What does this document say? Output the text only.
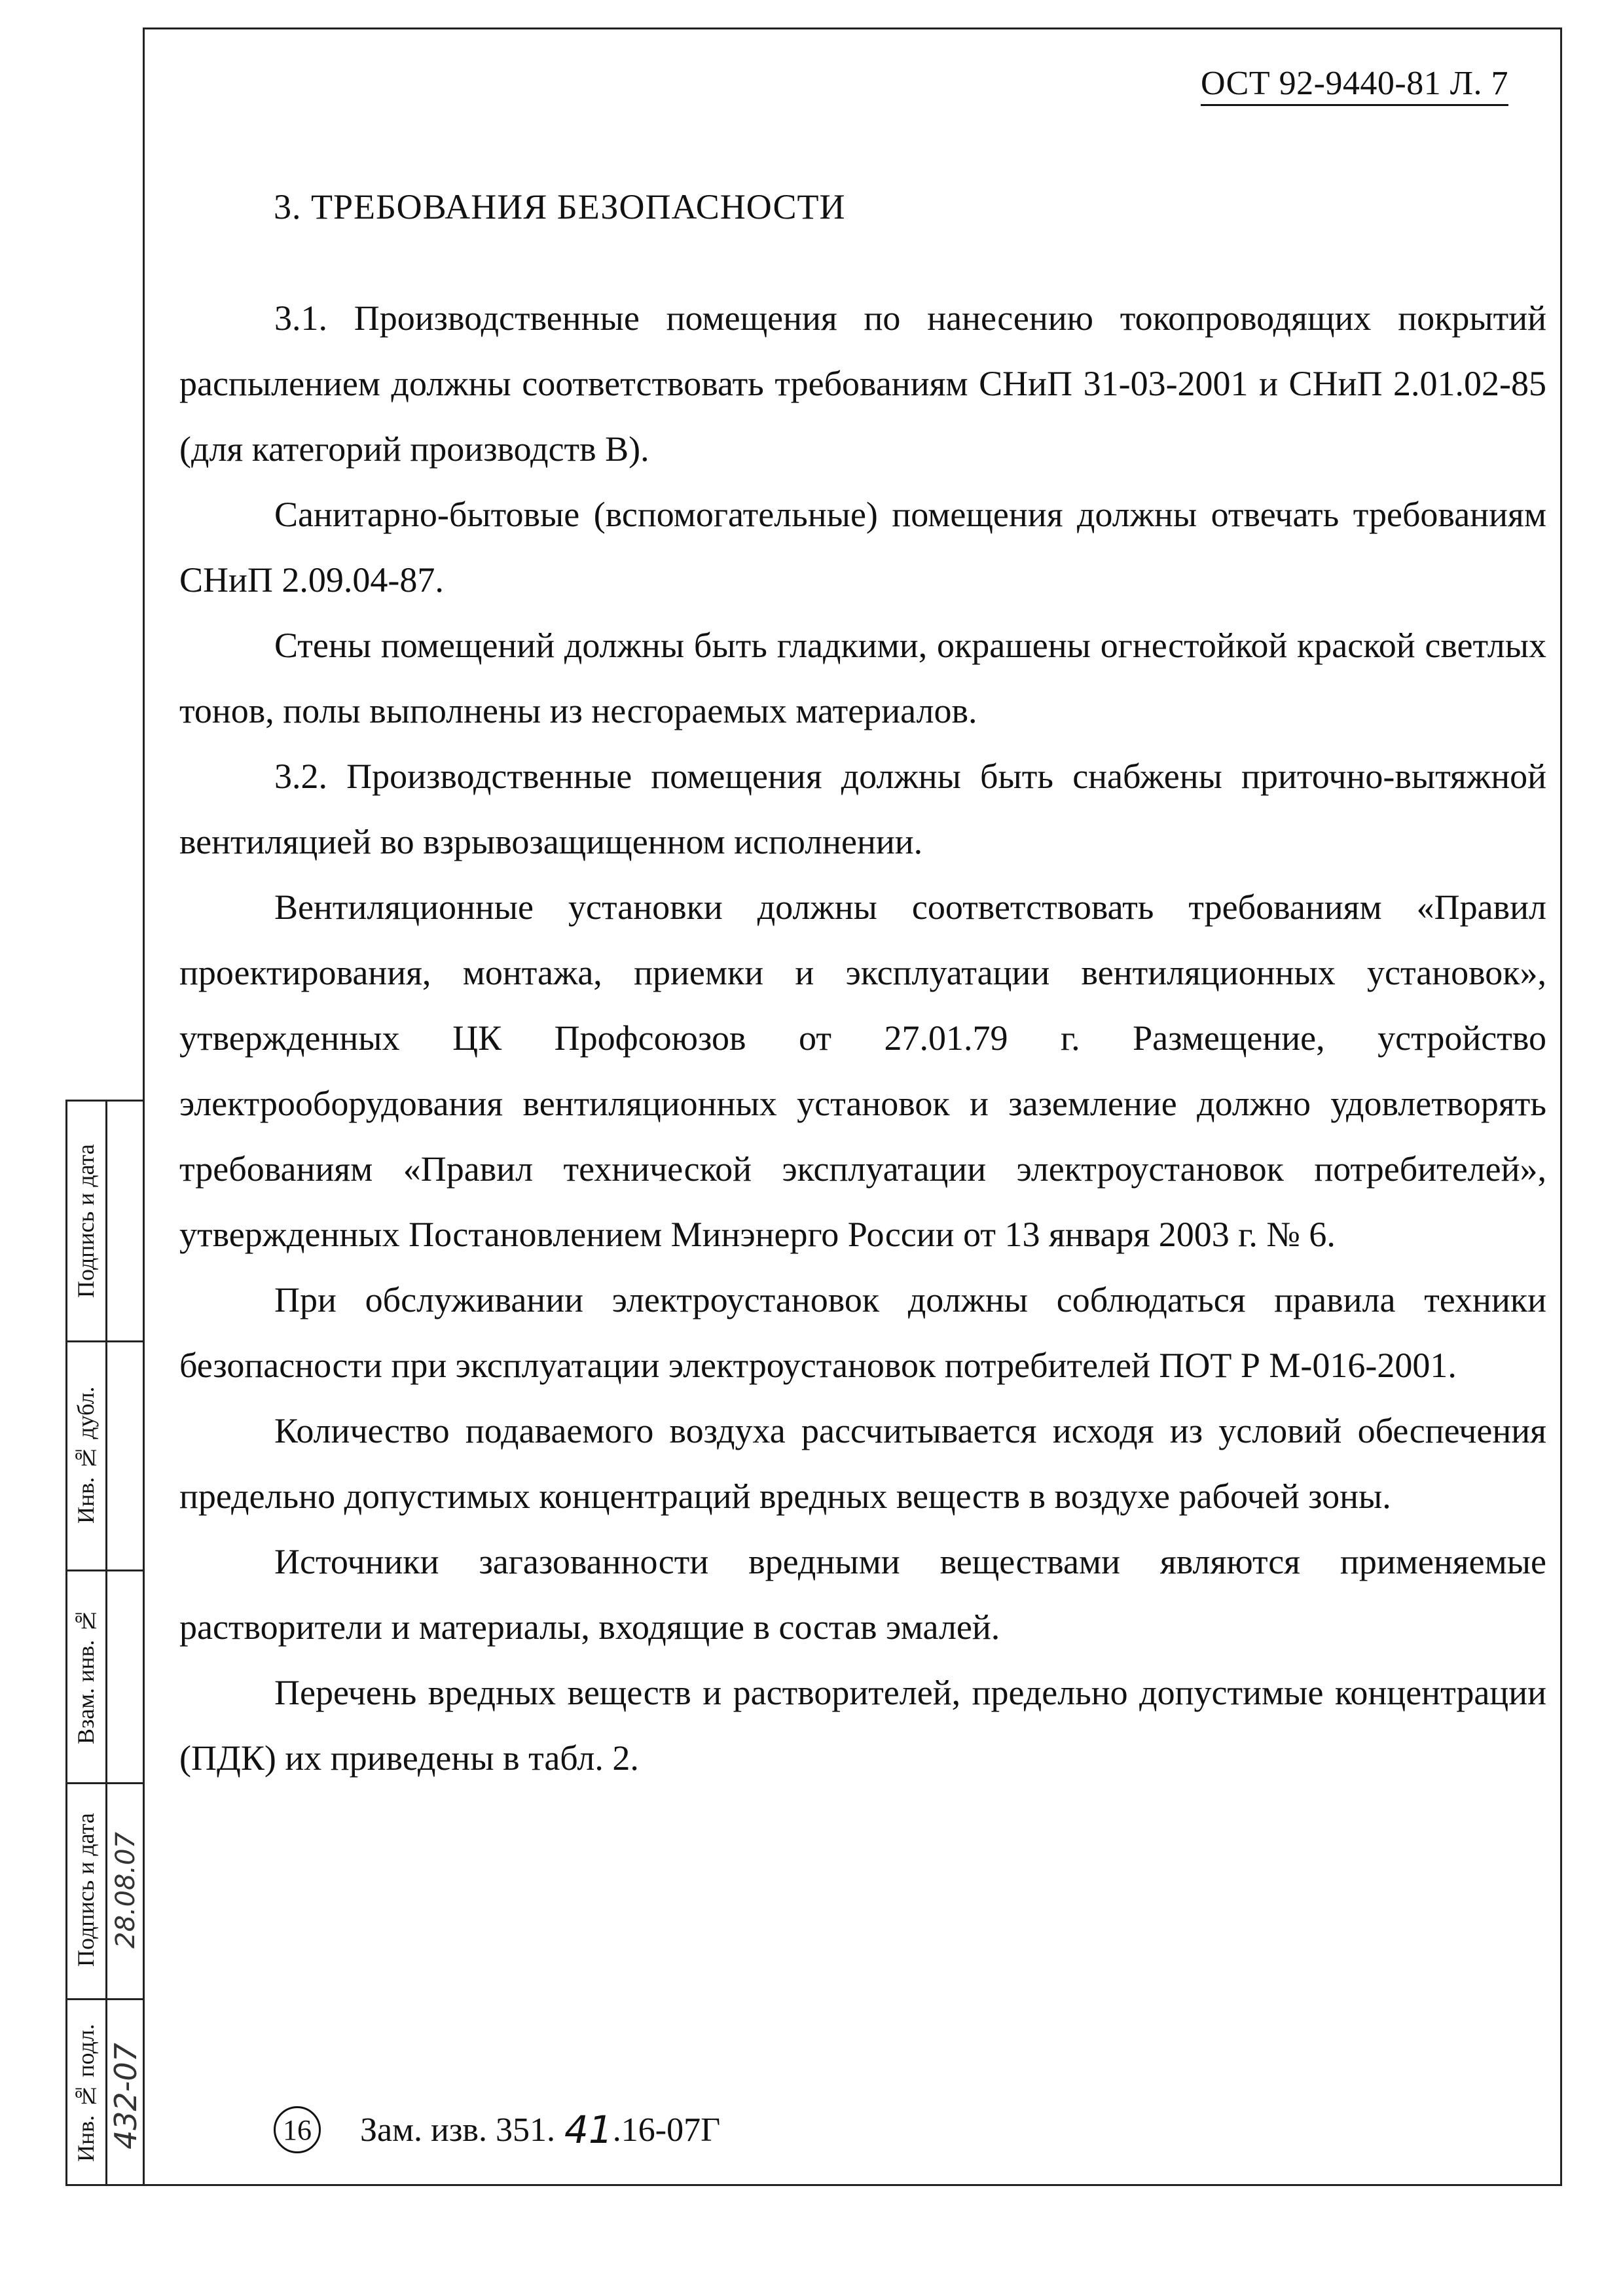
ОСТ 92-9440-81 Л. 7
3. ТРЕБОВАНИЯ БЕЗОПАСНОСТИ

3.1. Производственные помещения по нанесению токопроводящих покрытий распылением должны соответствовать требованиям СНиП 31-03-2001 и СНиП 2.01.02-85 (для категорий производств В).

Санитарно-бытовые (вспомогательные) помещения должны отвечать требованиям СНиП 2.09.04-87.

Стены помещений должны быть гладкими, окрашены огнестойкой краской светлых тонов, полы выполнены из несгораемых материалов.

3.2. Производственные помещения должны быть снабжены приточно-вытяжной вентиляцией во взрывозащищенном исполнении.

Вентиляционные установки должны соответствовать требованиям «Правил проектирования, монтажа, приемки и эксплуатации вентиляционных установок», утвержденных ЦК Профсоюзов от 27.01.79 г. Размещение, устройство электрооборудования вентиляционных установок и заземление должно удовлетворять требованиям «Правил технической эксплуатации электроустановок потребителей», утвержденных Постановлением Минэнерго России от 13 января 2003 г. № 6.

При обслуживании электроустановок должны соблюдаться правила техники безопасности при эксплуатации электроустановок потребителей ПОТ Р М-016-2001.

Количество подаваемого воздуха рассчитывается исходя из условий обеспечения предельно допустимых концентраций вредных веществ в воздухе рабочей зоны.

Источники загазованности вредными веществами являются применяемые растворители и материалы, входящие в состав эмалей.

Перечень вредных веществ и растворителей, предельно допустимые концентрации (ПДК) их приведены в табл. 2.

Подпись и дата
Инв. № дубл.
Взам. инв. №
Подпись и дата
Инв. № подл. 432-07
28.08.07
16 Зам. изв. 351. 41 .16-07Г
